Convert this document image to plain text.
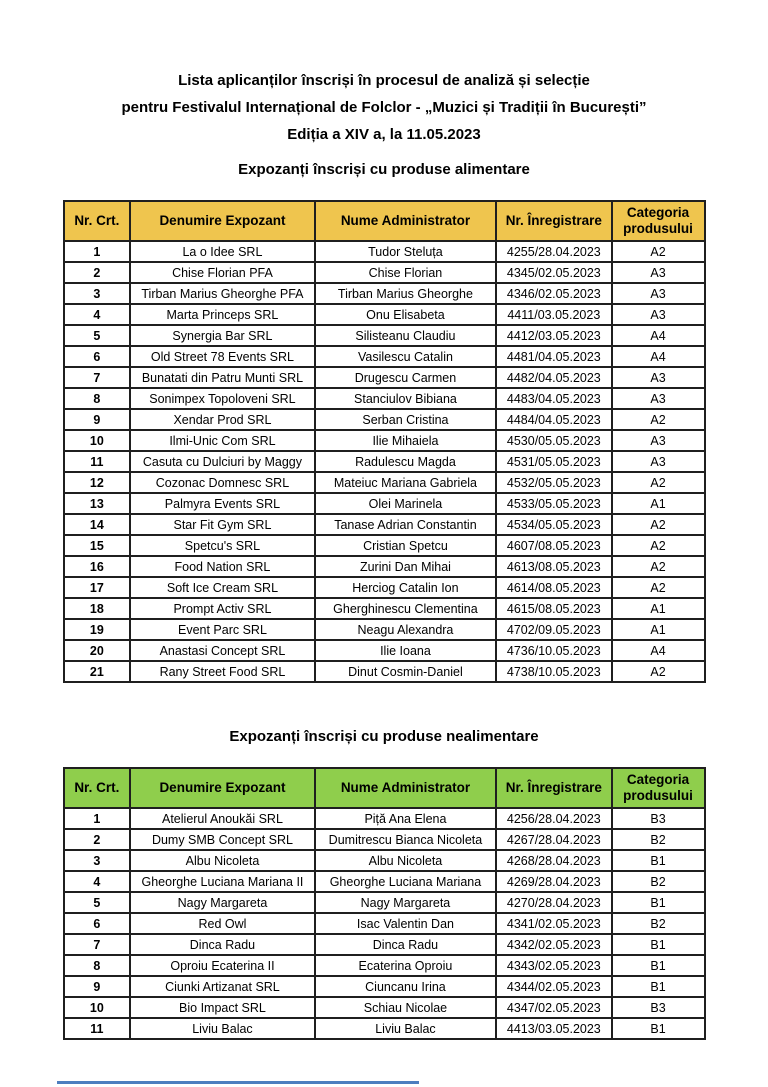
Lista aplicanților înscriși în procesul de analiză și selecție
pentru Festivalul Internațional de Folclor - „Muzici și Tradiții în București”
Ediția a XIV a, la 11.05.2023
Expozanți înscriși cu produse alimentare
Nr. Crt.	Denumire Expozant	Nume Administrator	Nr. Înregistrare	Categoria produsului
1	La o Idee SRL	Tudor Steluța	4255/28.04.2023	A2
2	Chise Florian PFA	Chise Florian	4345/02.05.2023	A3
3	Tirban Marius Gheorghe PFA	Tirban Marius Gheorghe	4346/02.05.2023	A3
4	Marta Princeps SRL	Onu Elisabeta	4411/03.05.2023	A3
5	Synergia Bar SRL	Silisteanu Claudiu	4412/03.05.2023	A4
6	Old Street 78 Events SRL	Vasilescu Catalin	4481/04.05.2023	A4
7	Bunatati din Patru Munti SRL	Drugescu Carmen	4482/04.05.2023	A3
8	Sonimpex Topoloveni SRL	Stanciulov Bibiana	4483/04.05.2023	A3
9	Xendar Prod SRL	Serban Cristina	4484/04.05.2023	A2
10	Ilmi-Unic Com SRL	Ilie Mihaiela	4530/05.05.2023	A3
11	Casuta cu Dulciuri by Maggy	Radulescu Magda	4531/05.05.2023	A3
12	Cozonac Domnesc SRL	Mateiuc Mariana Gabriela	4532/05.05.2023	A2
13	Palmyra Events SRL	Olei Marinela	4533/05.05.2023	A1
14	Star Fit Gym SRL	Tanase Adrian Constantin	4534/05.05.2023	A2
15	Spetcu's SRL	Cristian Spetcu	4607/08.05.2023	A2
16	Food Nation SRL	Zurini Dan Mihai	4613/08.05.2023	A2
17	Soft Ice Cream SRL	Herciog Catalin Ion	4614/08.05.2023	A2
18	Prompt Activ SRL	Gherghinescu Clementina	4615/08.05.2023	A1
19	Event Parc SRL	Neagu Alexandra	4702/09.05.2023	A1
20	Anastasi Concept SRL	Ilie Ioana	4736/10.05.2023	A4
21	Rany Street Food SRL	Dinut Cosmin-Daniel	4738/10.05.2023	A2
Expozanți înscriși cu produse nealimentare
Nr. Crt.	Denumire Expozant	Nume Administrator	Nr. Înregistrare	Categoria produsului
1	Atelierul Anoukăi SRL	Piță Ana Elena	4256/28.04.2023	B3
2	Dumy SMB Concept SRL	Dumitrescu Bianca Nicoleta	4267/28.04.2023	B2
3	Albu Nicoleta	Albu Nicoleta	4268/28.04.2023	B1
4	Gheorghe Luciana Mariana II	Gheorghe Luciana Mariana	4269/28.04.2023	B2
5	Nagy Margareta	Nagy Margareta	4270/28.04.2023	B1
6	Red Owl	Isac Valentin Dan	4341/02.05.2023	B2
7	Dinca Radu	Dinca Radu	4342/02.05.2023	B1
8	Oproiu Ecaterina II	Ecaterina Oproiu	4343/02.05.2023	B1
9	Ciunki Artizanat SRL	Ciuncanu Irina	4344/02.05.2023	B1
10	Bio Impact SRL	Schiau Nicolae	4347/02.05.2023	B3
11	Liviu Balac	Liviu Balac	4413/03.05.2023	B1
